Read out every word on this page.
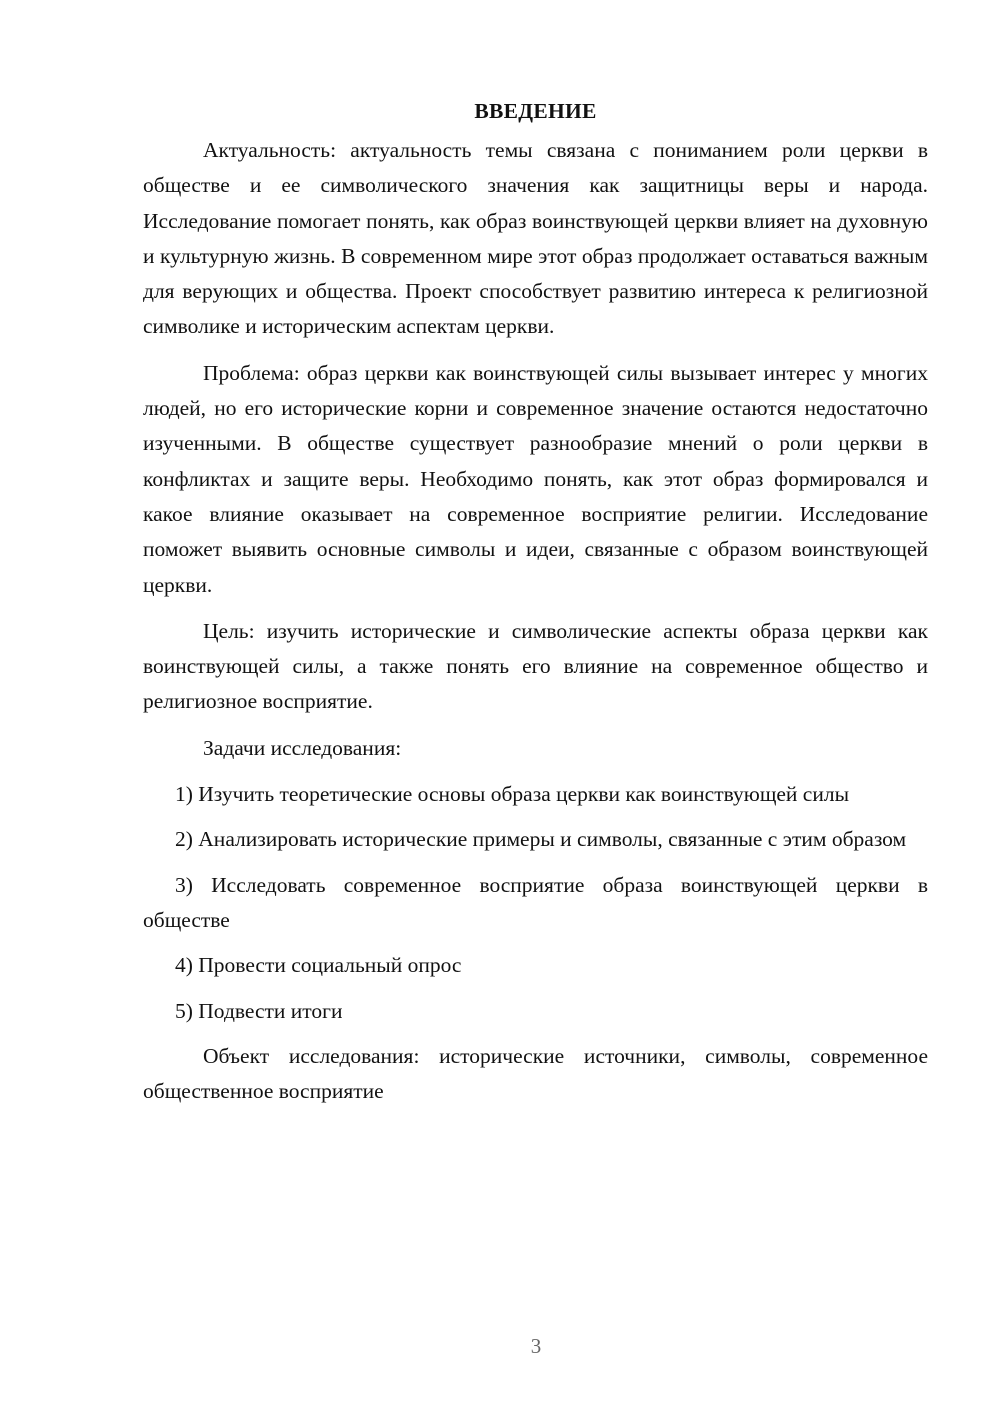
ВВЕДЕНИЕ

Актуальность: актуальность темы связана с пониманием роли церкви в обществе и ее символического значения как защитницы веры и народа. Исследование помогает понять, как образ воинствующей церкви влияет на духовную и культурную жизнь. В современном мире этот образ продолжает оставаться важным для верующих и общества. Проект способствует развитию интереса к религиозной символике и историческим аспектам церкви.

Проблема: образ церкви как воинствующей силы вызывает интерес у многих людей, но его исторические корни и современное значение остаются недостаточно изученными. В обществе существует разнообразие мнений о роли церкви в конфликтах и защите веры. Необходимо понять, как этот образ формировался и какое влияние оказывает на современное восприятие религии. Исследование поможет выявить основные символы и идеи, связанные с образом воинствующей церкви.

Цель: изучить исторические и символические аспекты образа церкви как воинствующей силы, а также понять его влияние на современное общество и религиозное восприятие.

Задачи исследования:

1) Изучить теоретические основы образа церкви как воинствующей силы

2) Анализировать исторические примеры и символы, связанные с этим образом

3) Исследовать современное восприятие образа воинствующей церкви в обществе

4) Провести социальный опрос

5) Подвести итоги

Объект исследования: исторические источники, символы, современное общественное восприятие

3
